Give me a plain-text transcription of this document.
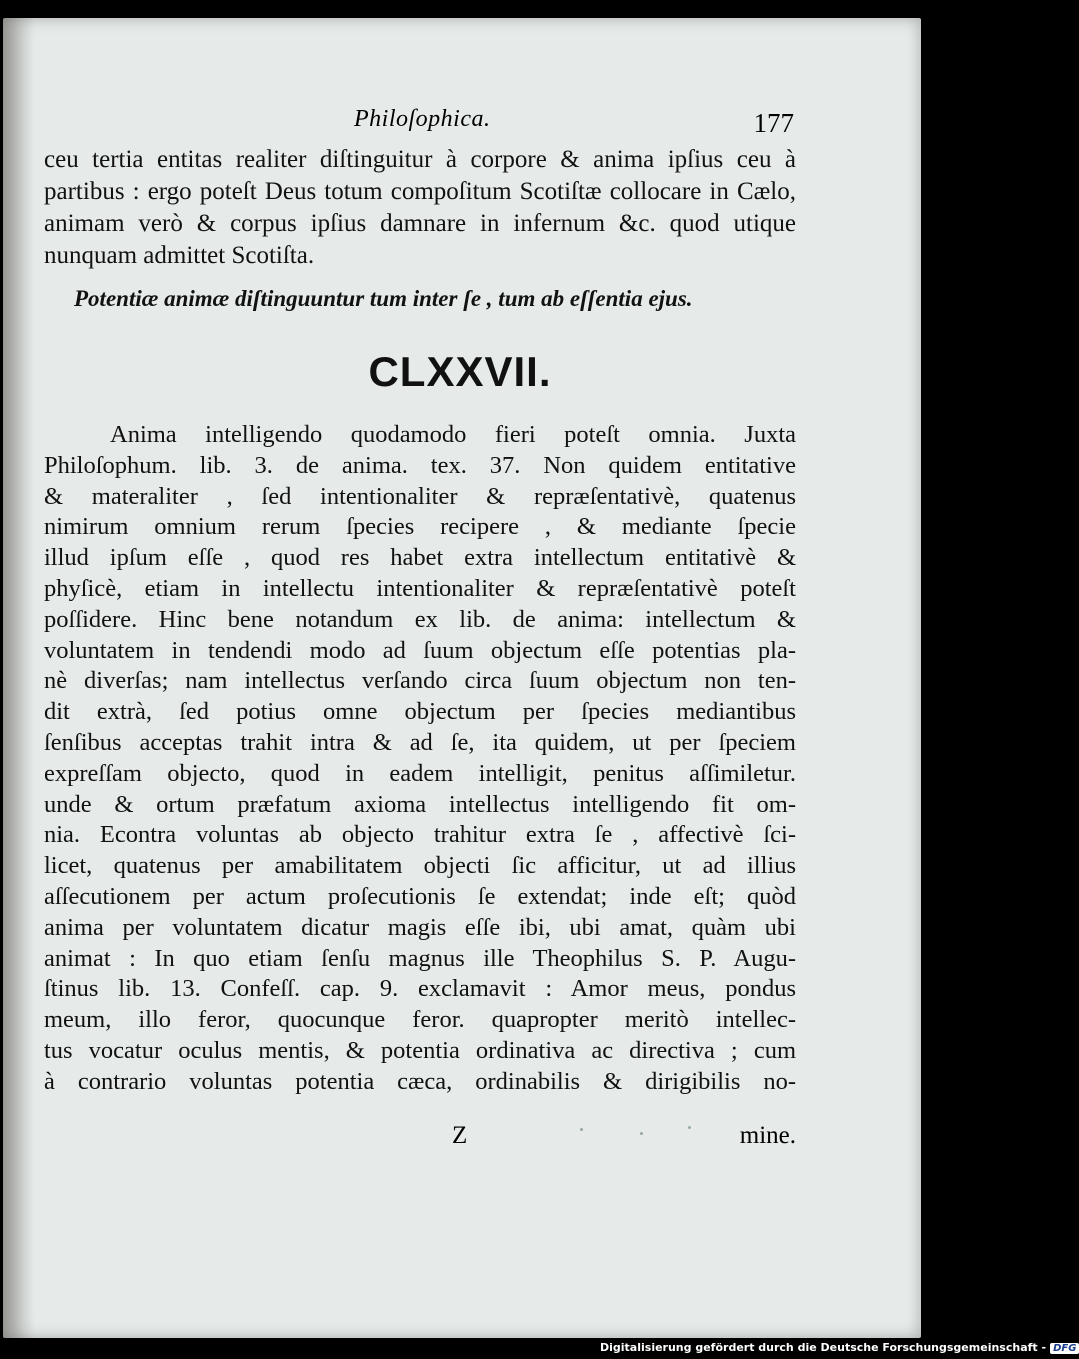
Philoſophica.	177
ceu tertia entitas realiter diſtinguitur à corpore & anima ipſius ceu à partibus : ergo poteſt Deus totum compoſitum Scotiſtæ collocare in Cælo, animam verò & corpus ipſius damnare in infernum &c. quod utique nunquam admittet Scotiſta.
Potentiæ animæ diſtinguuntur tum inter ſe , tum ab eſſentia ejus.
CLXXVII.
Anima intelligendo quodamodo fieri poteſt omnia. Juxta
Philoſophum. lib. 3. de anima. tex. 37. Non quidem entitative
& materaliter , ſed intentionaliter & repræſentativè, quatenus
nimirum omnium rerum ſpecies recipere , & mediante ſpecie
illud ipſum eſſe , quod res habet extra intellectum entitativè &
phyſicè, etiam in intellectu intentionaliter & repræſentativè poteſt
poſſidere. Hinc bene notandum ex lib. de anima: intellectum &
voluntatem in tendendi modo ad ſuum objectum eſſe potentias pla-
nè diverſas; nam intellectus verſando circa ſuum objectum non ten-
dit extrà, ſed potius omne objectum per ſpecies mediantibus
ſenſibus acceptas trahit intra & ad ſe, ita quidem, ut per ſpeciem
expreſſam objecto, quod in eadem intelligit, penitus aſſimiletur.
unde & ortum præfatum axioma intellectus intelligendo fit om-
nia. Econtra voluntas ab objecto trahitur extra ſe , affectivè ſci-
licet, quatenus per amabilitatem objecti ſic afficitur, ut ad illius
aſſecutionem per actum proſecutionis ſe extendat; inde eſt; quòd
anima per voluntatem dicatur magis eſſe ibi, ubi amat, quàm ubi
animat : In quo etiam ſenſu magnus ille Theophilus S. P. Augu-
ſtinus lib. 13. Confeſſ. cap. 9. exclamavit : Amor meus, pondus
meum, illo feror, quocunque feror. quapropter meritò intellec-
tus vocatur oculus mentis, & potentia ordinativa ac directiva ; cum
à contrario voluntas potentia cæca, ordinabilis & dirigibilis no-
Z	mine.
Digitalisierung gefördert durch die Deutsche Forschungsgemeinschaft - DFG
